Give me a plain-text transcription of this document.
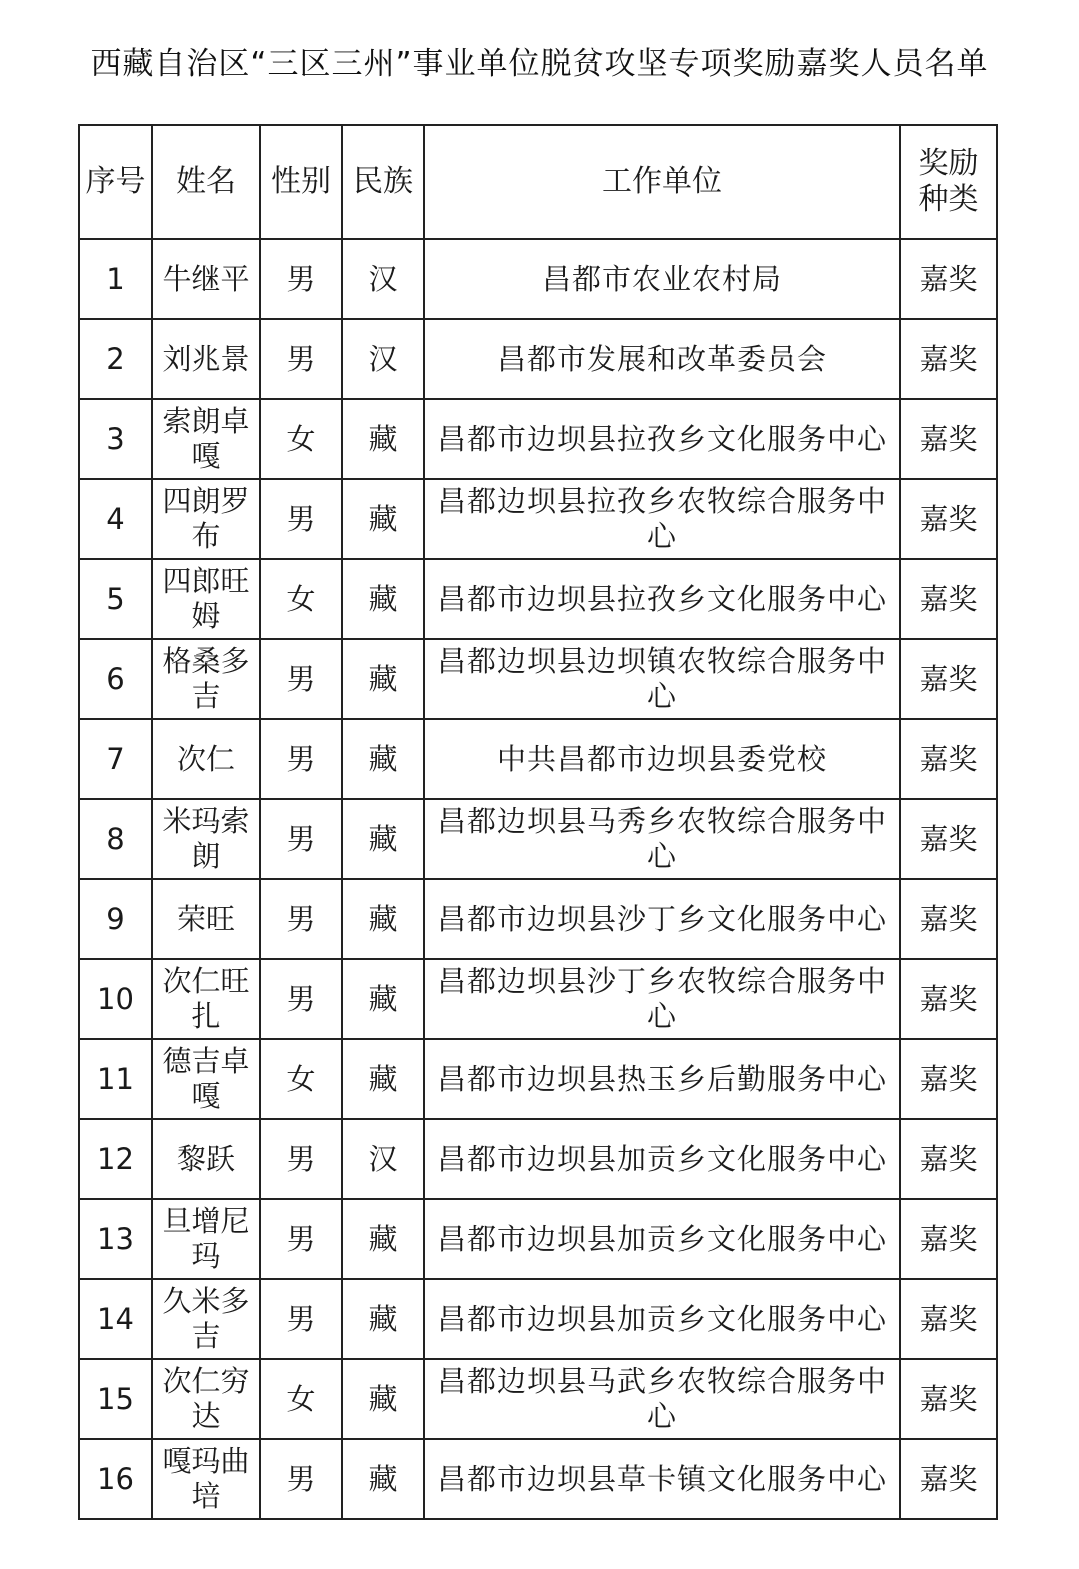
西藏自治区“三区三州”事业单位脱贫攻坚专项奖励嘉奖人员名单
序号	姓名	性别	民族	工作单位	奖励种类
1	牛继平	男	汉	昌都市农业农村局	嘉奖
2	刘兆景	男	汉	昌都市发展和改革委员会	嘉奖
3	索朗卓嘎	女	藏	昌都市边坝县拉孜乡文化服务中心	嘉奖
4	四朗罗布	男	藏	昌都边坝县拉孜乡农牧综合服务中心	嘉奖
5	四郎旺姆	女	藏	昌都市边坝县拉孜乡文化服务中心	嘉奖
6	格桑多吉	男	藏	昌都边坝县边坝镇农牧综合服务中心	嘉奖
7	次仁	男	藏	中共昌都市边坝县委党校	嘉奖
8	米玛索朗	男	藏	昌都边坝县马秀乡农牧综合服务中心	嘉奖
9	荣旺	男	藏	昌都市边坝县沙丁乡文化服务中心	嘉奖
10	次仁旺扎	男	藏	昌都边坝县沙丁乡农牧综合服务中心	嘉奖
11	德吉卓嘎	女	藏	昌都市边坝县热玉乡后勤服务中心	嘉奖
12	黎跃	男	汉	昌都市边坝县加贡乡文化服务中心	嘉奖
13	旦增尼玛	男	藏	昌都市边坝县加贡乡文化服务中心	嘉奖
14	久米多吉	男	藏	昌都市边坝县加贡乡文化服务中心	嘉奖
15	次仁穷达	女	藏	昌都边坝县马武乡农牧综合服务中心	嘉奖
16	嘎玛曲培	男	藏	昌都市边坝县草卡镇文化服务中心	嘉奖
